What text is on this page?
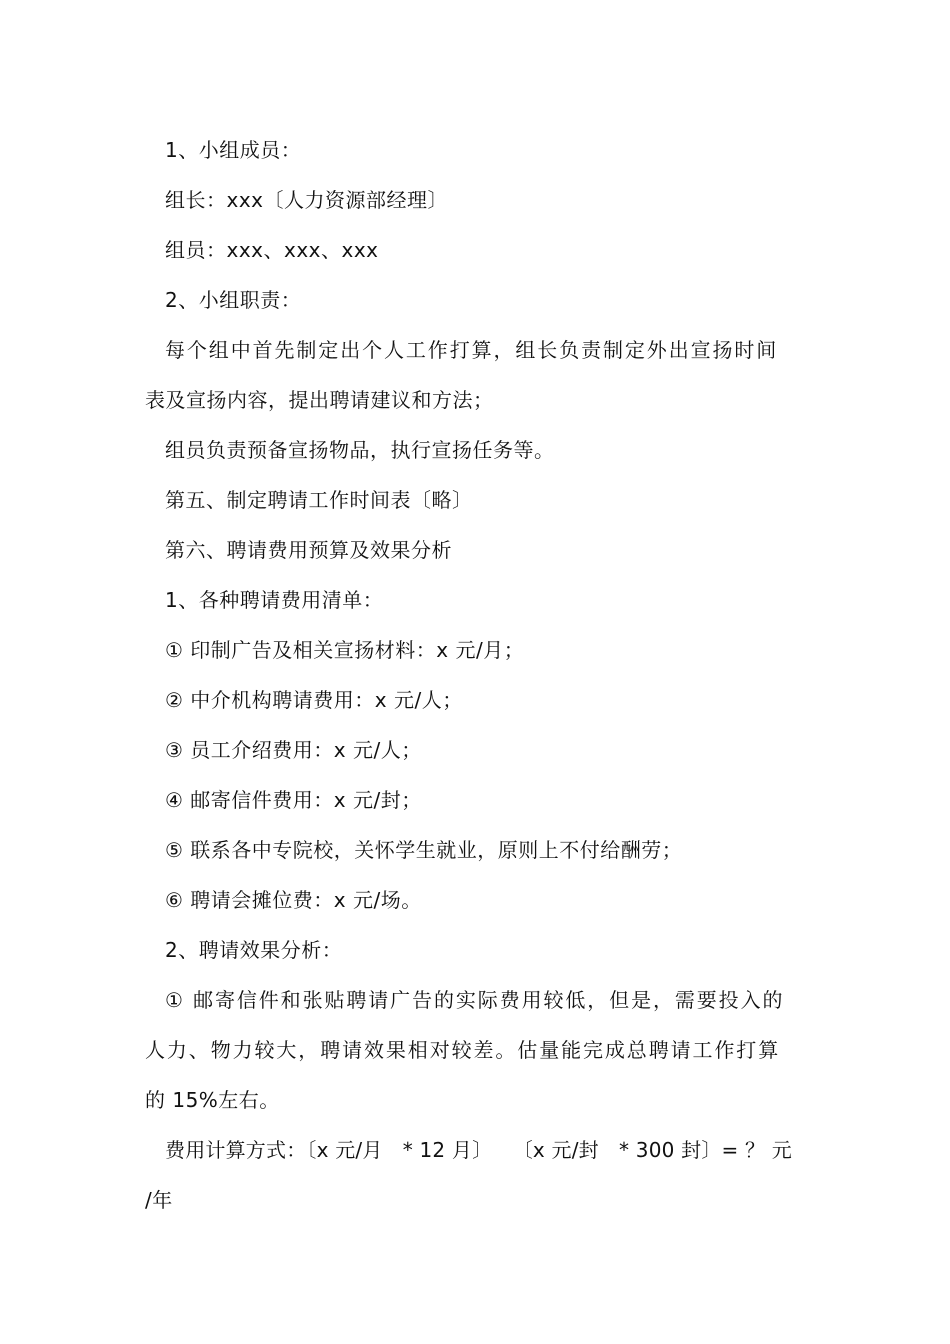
1、小组成员：
组长：xxx〔人力资源部经理〕
组员：xxx、xxx、xxx
2、小组职责：
每个组中首先制定出个人工作打算，组长负责制定外出宣扬时间
表及宣扬内容，提出聘请建议和方法；
组员负责预备宣扬物品，执行宣扬任务等。
第五、制定聘请工作时间表〔略〕
第六、聘请费用预算及效果分析
1、各种聘请费用清单：
① 印制广告及相关宣扬材料：x 元/月；
② 中介机构聘请费用：x 元/人；
③ 员工介绍费用：x 元/人；
④ 邮寄信件费用：x 元/封；
⑤ 联系各中专院校，关怀学生就业，原则上不付给酬劳；
⑥ 聘请会摊位费：x 元/场。
2、聘请效果分析：
① 邮寄信件和张贴聘请广告的实际费用较低，但是，需要投入的
人力、物力较大，聘请效果相对较差。估量能完成总聘请工作打算
的 15%左右。
费用计算方式：〔x 元/月　* 12 月〕　　〔x 元/封　* 300 封〕= ？ 元
/年
